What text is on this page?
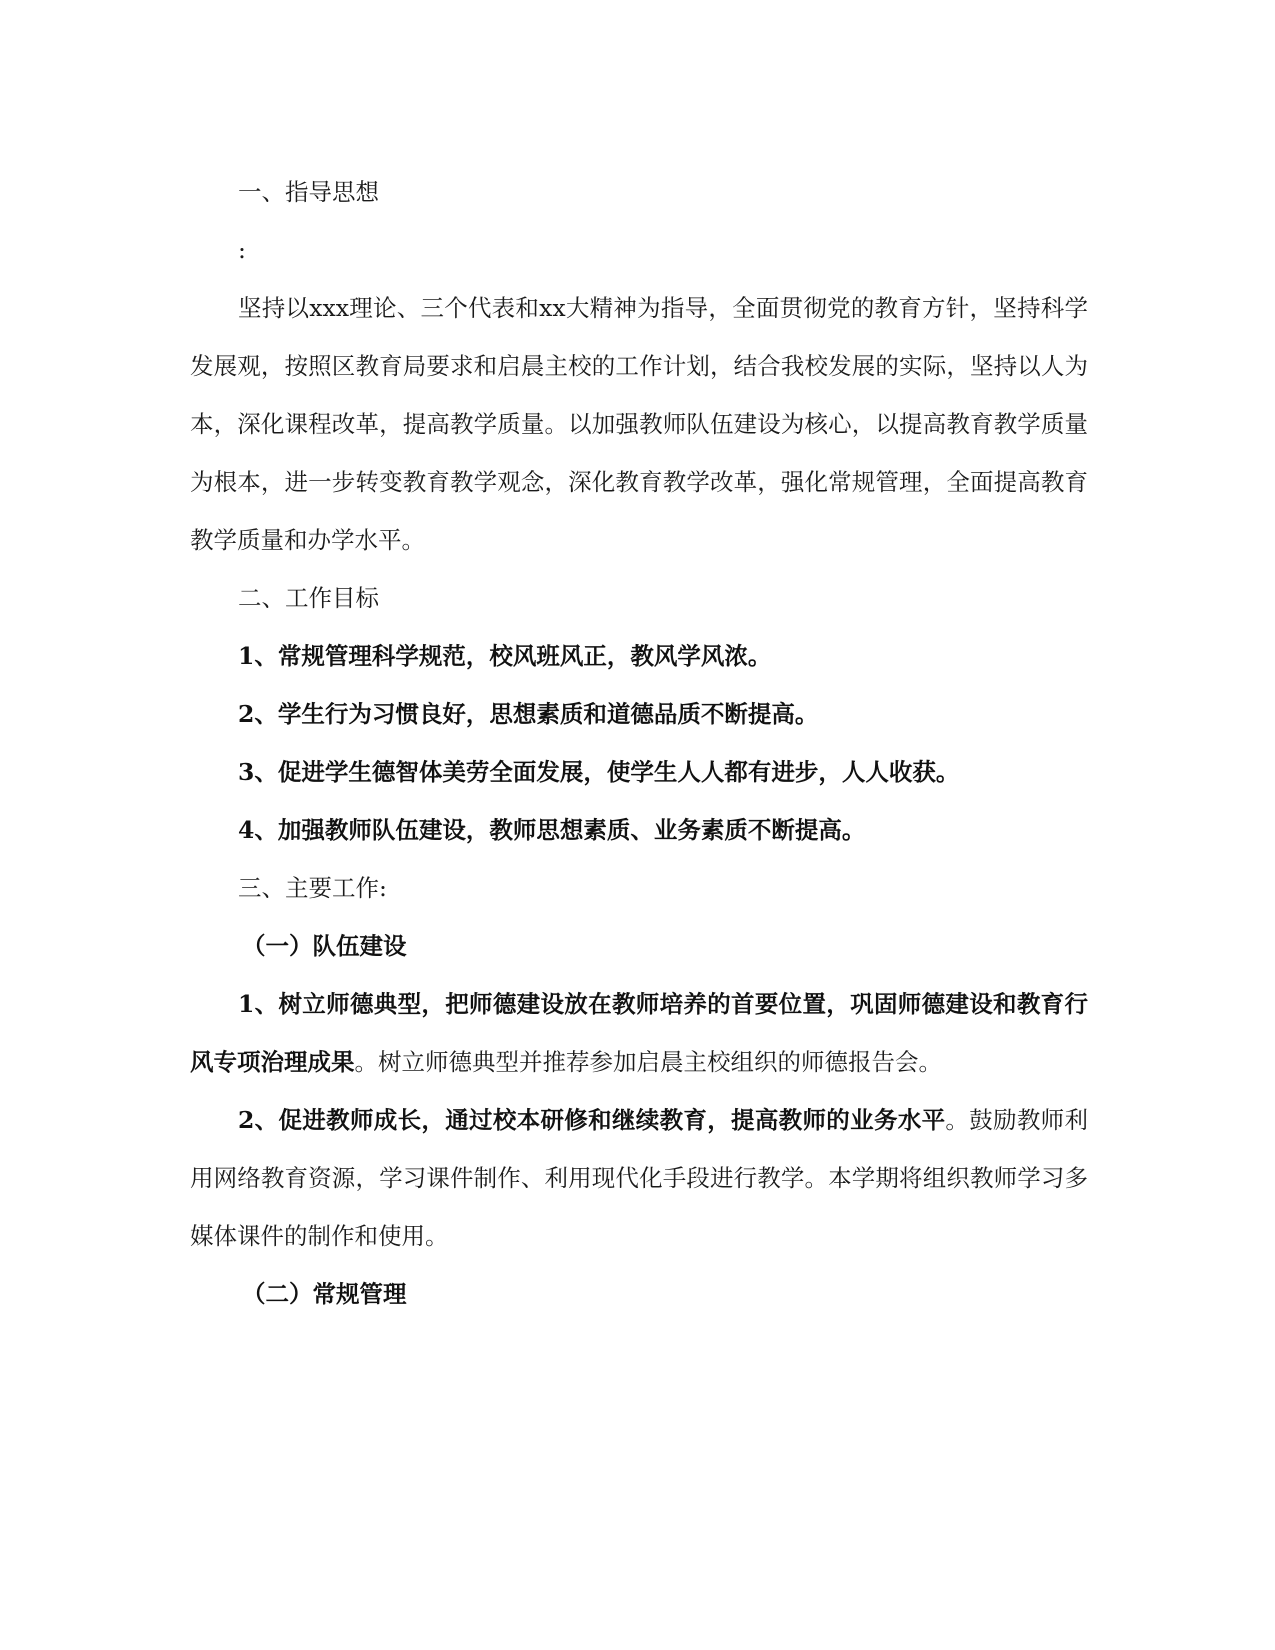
一、指导思想

:

坚持以xxx理论、三个代表和xx大精神为指导，全面贯彻党的教育方针，坚持科学发展观，按照区教育局要求和启晨主校的工作计划，结合我校发展的实际，坚持以人为本，深化课程改革，提高教学质量。以加强教师队伍建设为核心，以提高教育教学质量为根本，进一步转变教育教学观念，深化教育教学改革，强化常规管理，全面提高教育教学质量和办学水平。

二、工作目标

1、常规管理科学规范，校风班风正，教风学风浓。

2、学生行为习惯良好，思想素质和道德品质不断提高。

3、促进学生德智体美劳全面发展，使学生人人都有进步，人人收获。

4、加强教师队伍建设，教师思想素质、业务素质不断提高。

三、主要工作:

（一）队伍建设

1、树立师德典型，把师德建设放在教师培养的首要位置，巩固师德建设和教育行风专项治理成果。树立师德典型并推荐参加启晨主校组织的师德报告会。

2、促进教师成长，通过校本研修和继续教育，提高教师的业务水平。鼓励教师利用网络教育资源，学习课件制作、利用现代化手段进行教学。本学期将组织教师学习多媒体课件的制作和使用。

（二）常规管理
